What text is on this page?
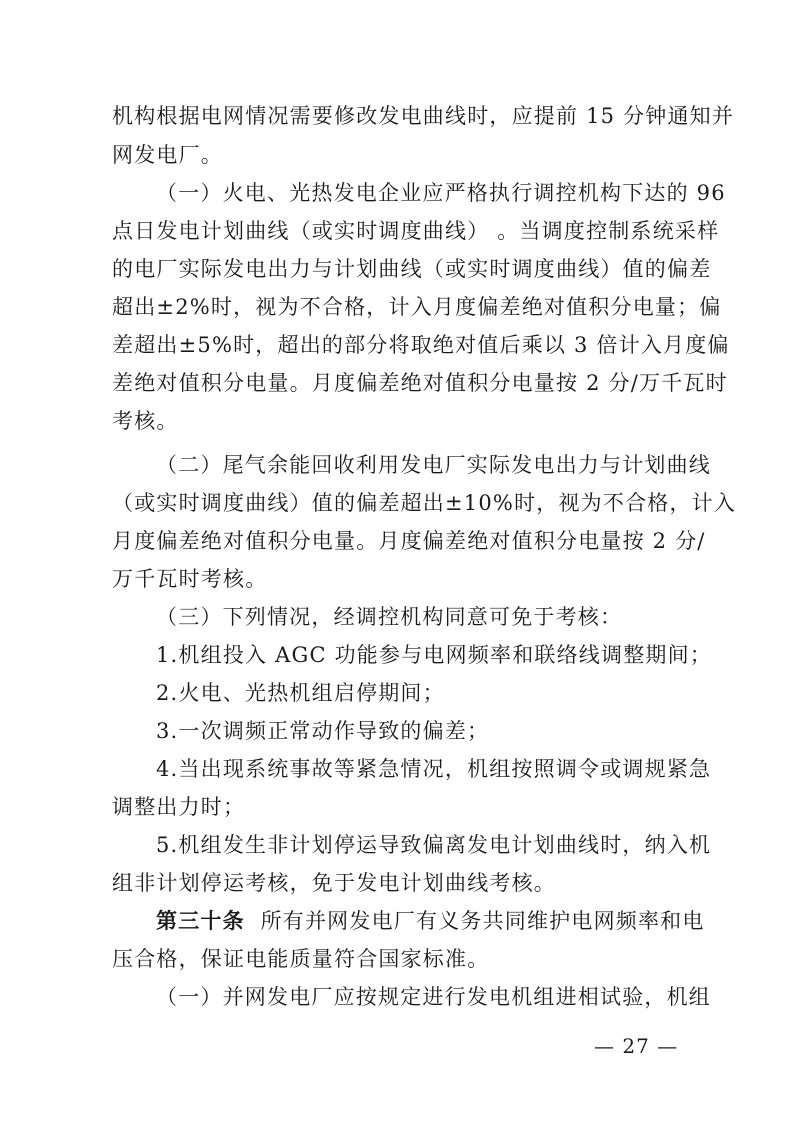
机构根据电网情况需要修改发电曲线时，应提前 15 分钟通知并
网发电厂。
（一）火电、光热发电企业应严格执行调控机构下达的 96
点日发电计划曲线（或实时调度曲线） 。当调度控制系统采样
的电厂实际发电出力与计划曲线（或实时调度曲线）值的偏差
超出±2%时，视为不合格，计入月度偏差绝对值积分电量；偏
差超出±5%时，超出的部分将取绝对值后乘以 3 倍计入月度偏
差绝对值积分电量。月度偏差绝对值积分电量按 2 分/万千瓦时
考核。
（二）尾气余能回收利用发电厂实际发电出力与计划曲线
（或实时调度曲线）值的偏差超出±10%时，视为不合格，计入
月度偏差绝对值积分电量。月度偏差绝对值积分电量按 2 分/
万千瓦时考核。
（三）下列情况，经调控机构同意可免于考核：
1.机组投入 AGC 功能参与电网频率和联络线调整期间；
2.火电、光热机组启停期间；
3.一次调频正常动作导致的偏差；
4.当出现系统事故等紧急情况，机组按照调令或调规紧急
调整出力时；
5.机组发生非计划停运导致偏离发电计划曲线时，纳入机
组非计划停运考核，免于发电计划曲线考核。
第三十条 所有并网发电厂有义务共同维护电网频率和电
压合格，保证电能质量符合国家标准。
（一）并网发电厂应按规定进行发电机组进相试验，机组
— 27 —
